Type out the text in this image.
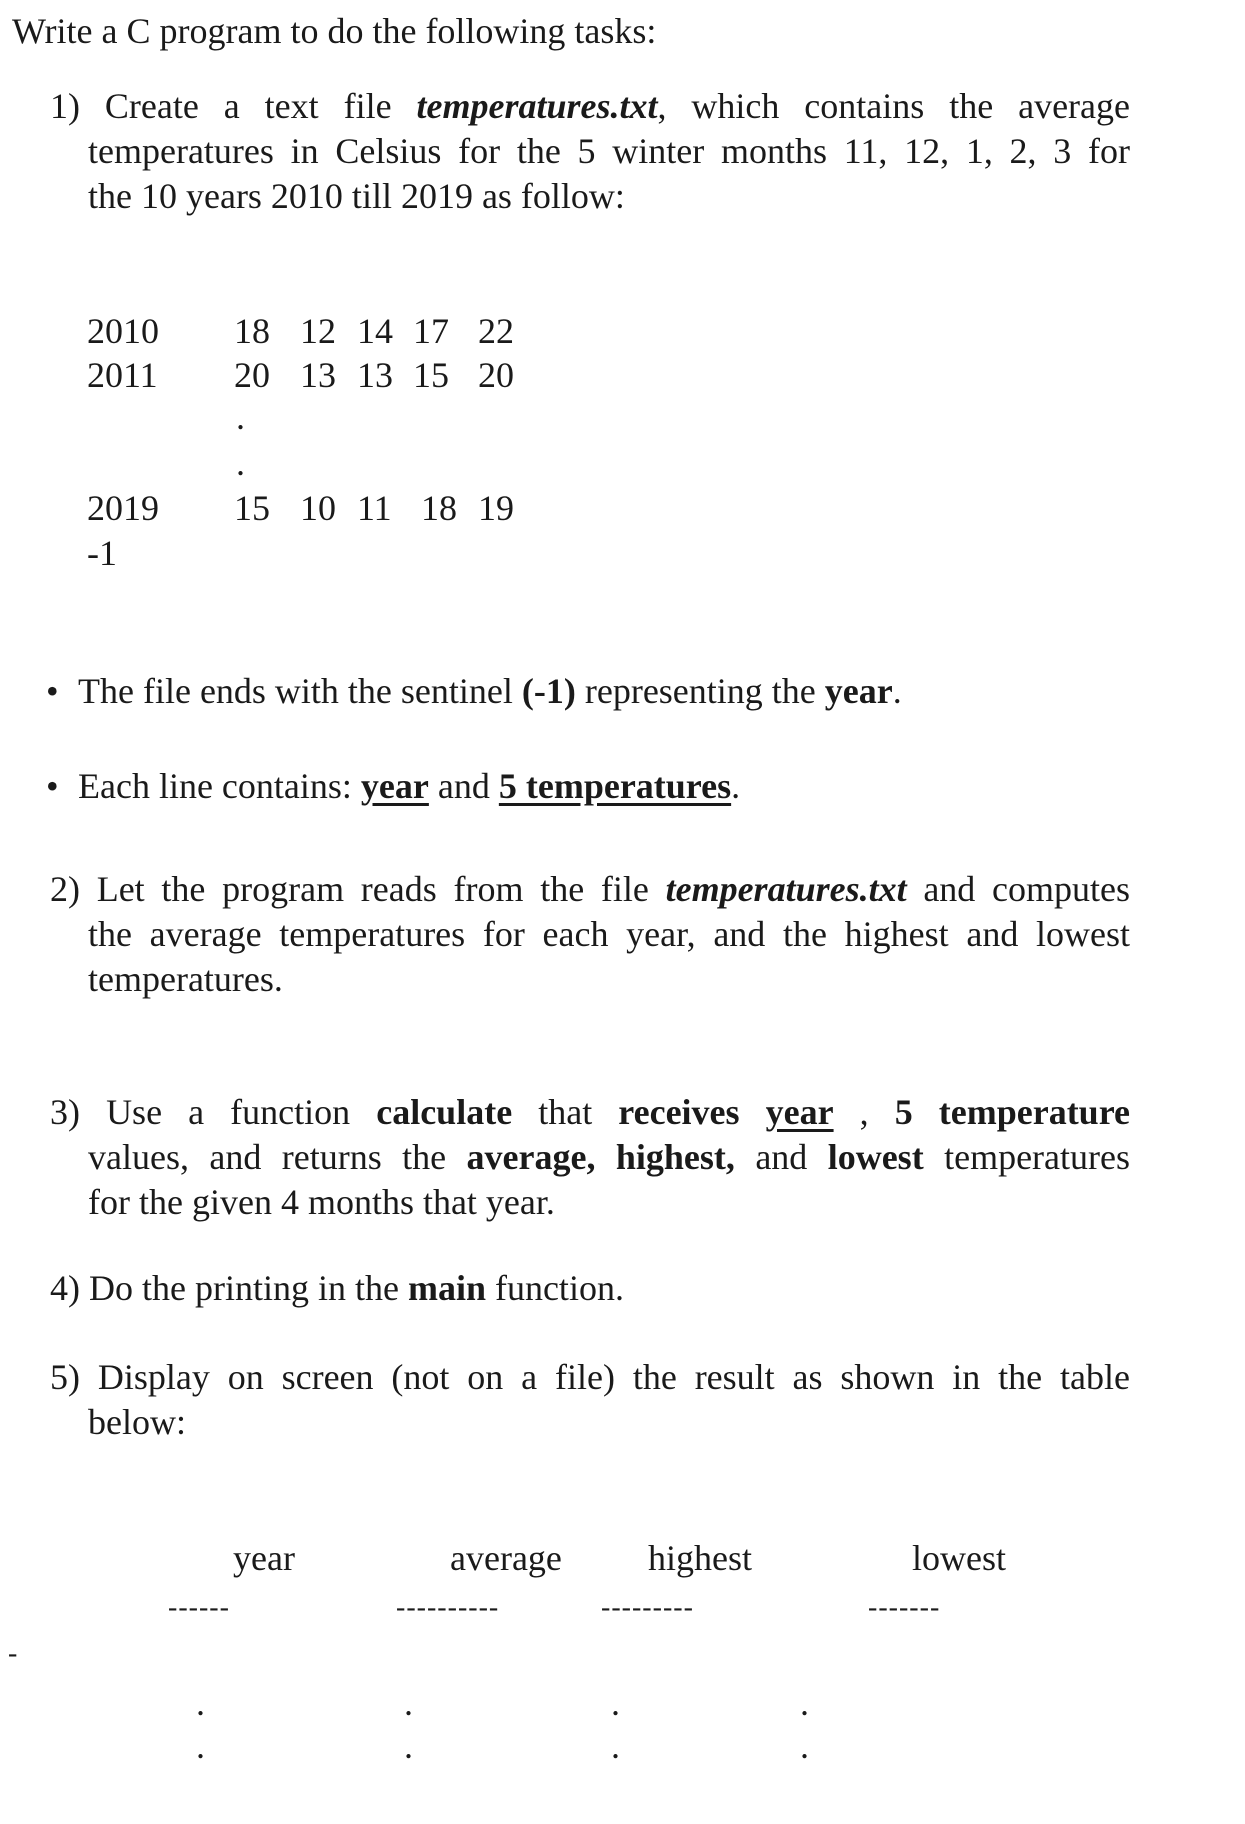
Write a C program to do the following tasks:
1) Create a text file temperatures.txt, which contains the average
temperatures in Celsius for the 5 winter months 11, 12, 1, 2, 3 for
the 10 years 2010 till 2019 as follow:
2010 18 12 14 17 22
2011 20 13 13 15 20
.
.
2019 15 10 11 18 19
-1
• The file ends with the sentinel (-1) representing the year.
• Each line contains: year and 5 temperatures.
2) Let the program reads from the file temperatures.txt and computes
the average temperatures for each year, and the highest and lowest
temperatures.
3) Use a function calculate that receives year , 5 temperature
values, and returns the average, highest, and lowest temperatures
for the given 4 months that year.
4) Do the printing in the main function.
5) Display on screen (not on a file) the result as shown in the table
below:
year	average highest	lowest
------	----------	---------	-------
-
.	.	.	.
.	.	.	.
